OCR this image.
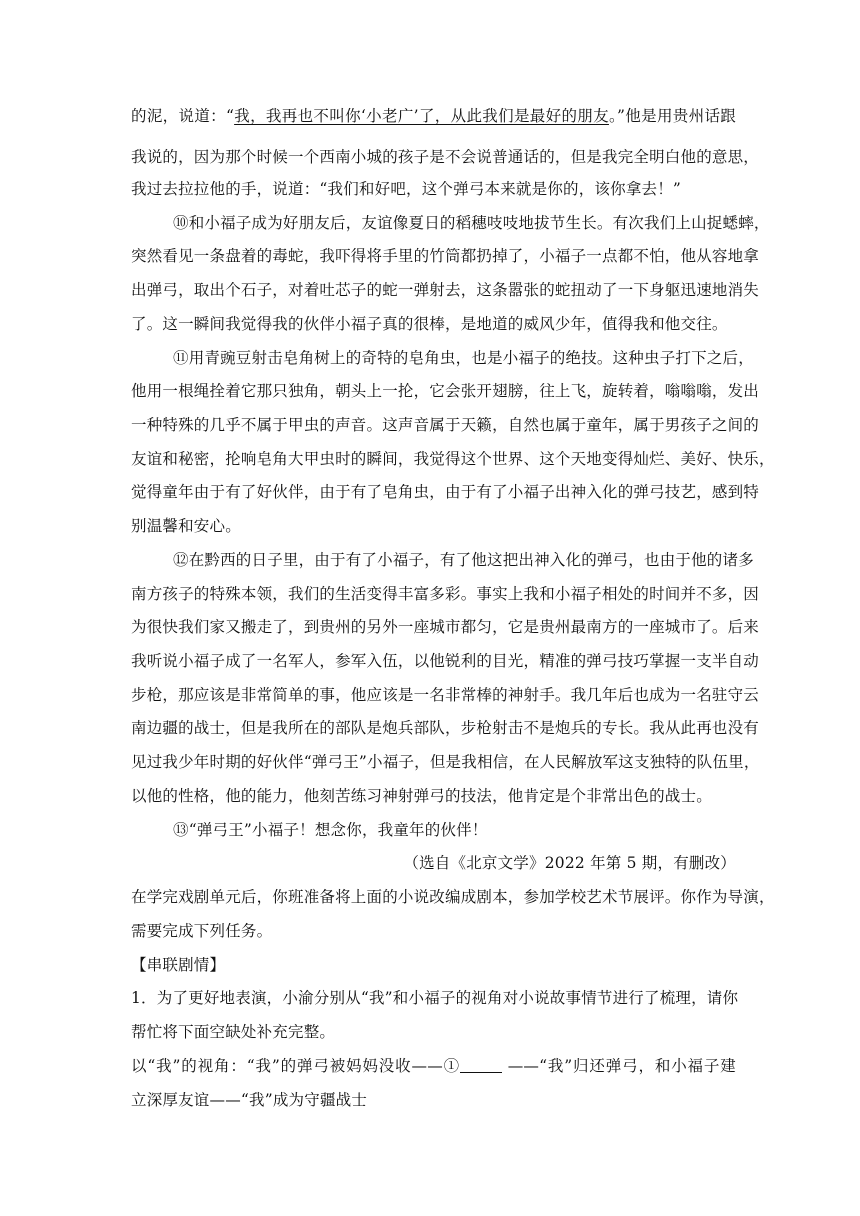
的泥，说道：“我，我再也不叫你‘小老广’了，从此我们是最好的朋友。”他是用贵州话跟
我说的，因为那个时候一个西南小城的孩子是不会说普通话的，但是我完全明白他的意思，
我过去拉拉他的手，说道：“我们和好吧，这个弹弓本来就是你的，该你拿去！”
⑩和小福子成为好朋友后，友谊像夏日的稻穗吱吱地拔节生长。有次我们上山捉蟋蟀，
突然看见一条盘着的毒蛇，我吓得将手里的竹筒都扔掉了，小福子一点都不怕，他从容地拿
出弹弓，取出个石子，对着吐芯子的蛇一弹射去，这条嚣张的蛇扭动了一下身躯迅速地消失
了。这一瞬间我觉得我的伙伴小福子真的很棒，是地道的威风少年，值得我和他交往。
⑪用青豌豆射击皂角树上的奇特的皂角虫，也是小福子的绝技。这种虫子打下之后，
他用一根绳拴着它那只独角，朝头上一抡，它会张开翅膀，往上飞，旋转着，嗡嗡嗡，发出
一种特殊的几乎不属于甲虫的声音。这声音属于天籁，自然也属于童年，属于男孩子之间的
友谊和秘密，抡响皂角大甲虫时的瞬间，我觉得这个世界、这个天地变得灿烂、美好、快乐，
觉得童年由于有了好伙伴，由于有了皂角虫，由于有了小福子出神入化的弹弓技艺，感到特
别温馨和安心。
⑫在黔西的日子里，由于有了小福子，有了他这把出神入化的弹弓，也由于他的诸多
南方孩子的特殊本领，我们的生活变得丰富多彩。事实上我和小福子相处的时间并不多，因
为很快我们家又搬走了，到贵州的另外一座城市都匀，它是贵州最南方的一座城市了。后来
我听说小福子成了一名军人，参军入伍，以他锐利的目光，精准的弹弓技巧掌握一支半自动
步枪，那应该是非常简单的事，他应该是一名非常棒的神射手。我几年后也成为一名驻守云
南边疆的战士，但是我所在的部队是炮兵部队，步枪射击不是炮兵的专长。我从此再也没有
见过我少年时期的好伙伴“弹弓王”小福子，但是我相信，在人民解放军这支独特的队伍里，
以他的性格，他的能力，他刻苦练习神射弹弓的技法，他肯定是个非常出色的战士。
⑬“弹弓王”小福子！想念你，我童年的伙伴！
（选自《北京文学》2022 年第 5 期，有删改）
在学完戏剧单元后，你班准备将上面的小说改编成剧本，参加学校艺术节展评。你作为导演，
需要完成下列任务。
【串联剧情】
1．为了更好地表演，小渝分别从“我”和小福子的视角对小说故事情节进行了梳理，请你
帮忙将下面空缺处补充完整。
以“我”的视角：“我”的弹弓被妈妈没收——①	——“我”归还弹弓，和小福子建
立深厚友谊——“我”成为守疆战士
